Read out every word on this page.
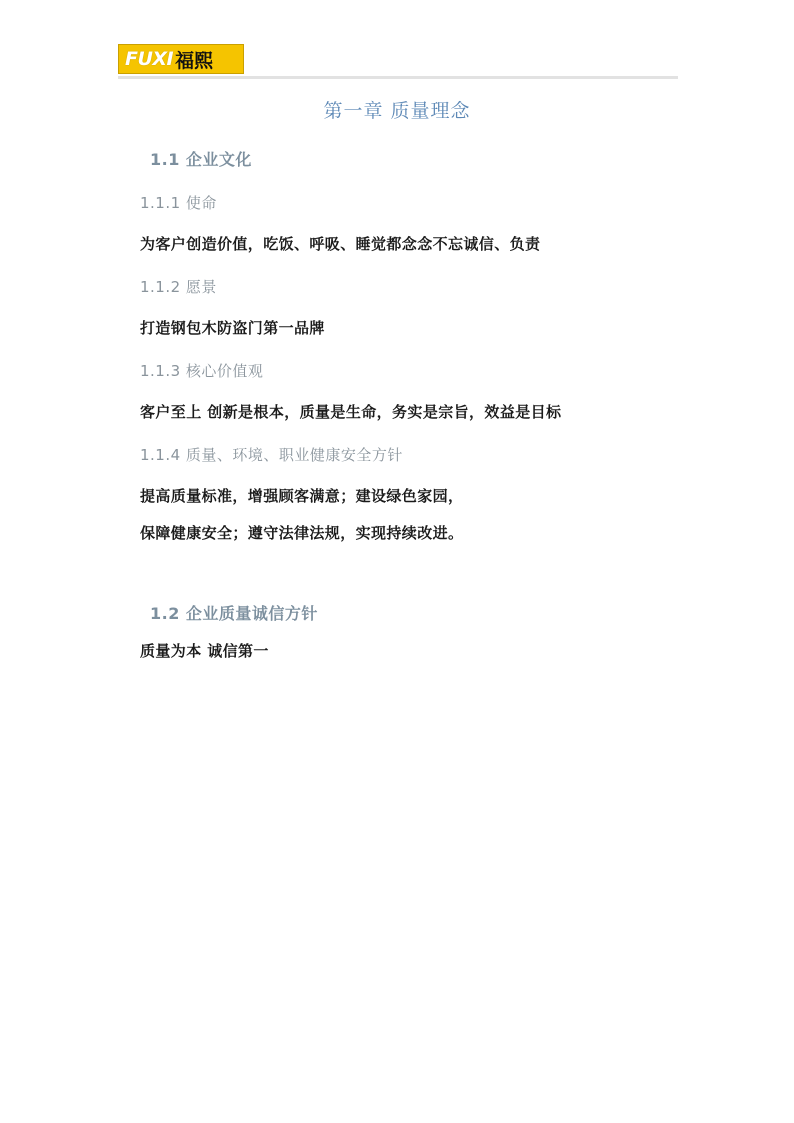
FUXI 福熙
第一章 质量理念
1.1 企业文化
1.1.1 使命
为客户创造价值，吃饭、呼吸、睡觉都念念不忘诚信、负责
1.1.2 愿景
打造钢包木防盗门第一品牌
1.1.3 核心价值观
客户至上 创新是根本，质量是生命，务实是宗旨，效益是目标
1.1.4 质量、环境、职业健康安全方针
提高质量标准，增强顾客满意；建设绿色家园，
保障健康安全；遵守法律法规，实现持续改进。
1.2 企业质量诚信方针
质量为本 诚信第一
